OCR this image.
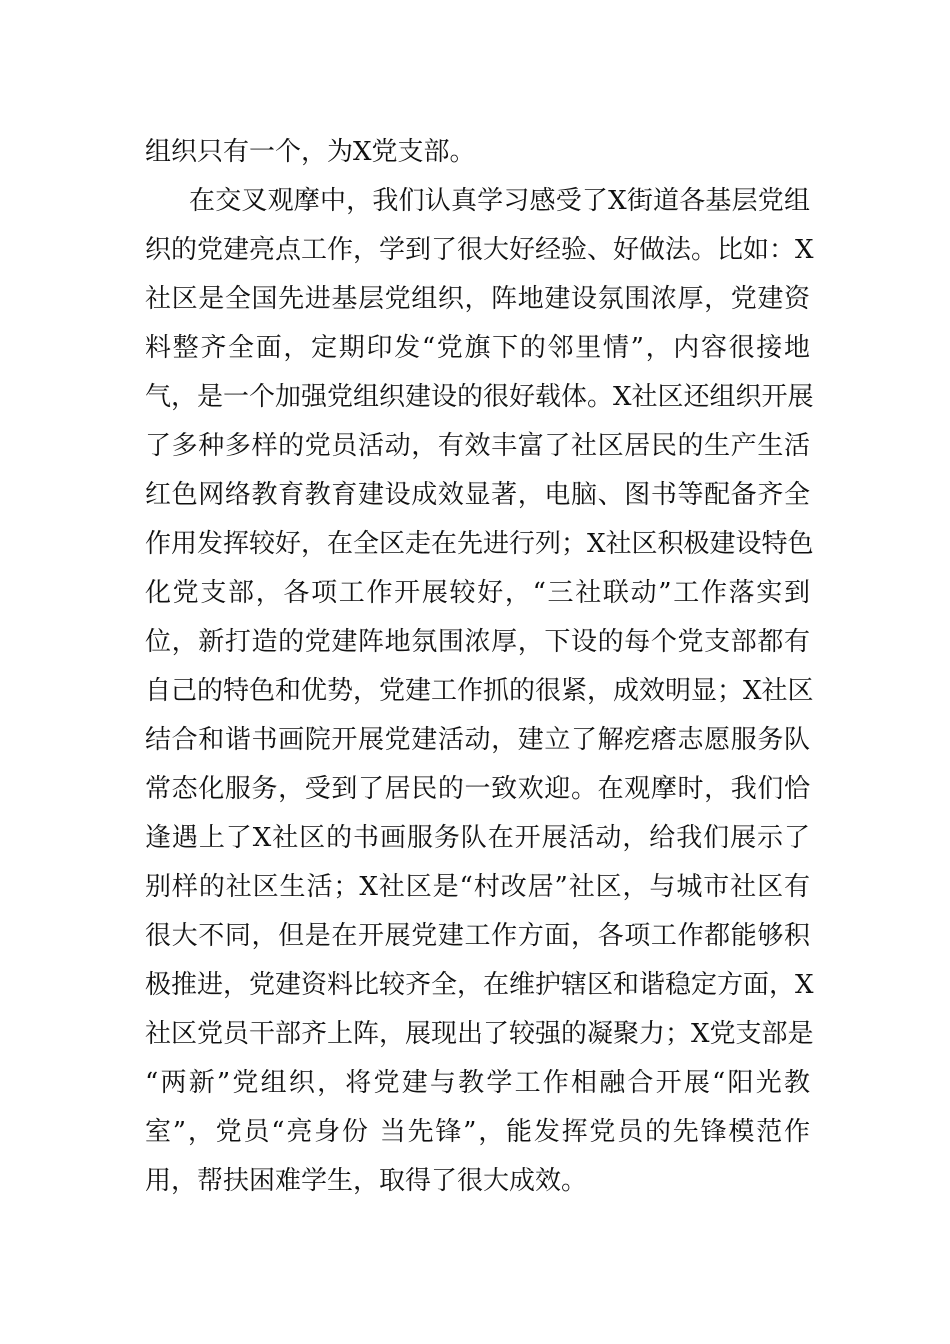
组织只有一个，为X党支部。
在交叉观摩中，我们认真学习感受了X街道各基层党组
织的党建亮点工作，学到了很大好经验、好做法。比如：X
社区是全国先进基层党组织，阵地建设氛围浓厚，党建资
料整齐全面，定期印发“党旗下的邻里情”，内容很接地
气，是一个加强党组织建设的很好载体。X社区还组织开展
了多种多样的党员活动，有效丰富了社区居民的生产生活
红色网络教育教育建设成效显著，电脑、图书等配备齐全
作用发挥较好，在全区走在先进行列；X社区积极建设特色
化党支部，各项工作开展较好，“三社联动”工作落实到
位，新打造的党建阵地氛围浓厚，下设的每个党支部都有
自己的特色和优势，党建工作抓的很紧，成效明显；X社区
结合和谐书画院开展党建活动，建立了解疙瘩志愿服务队
常态化服务，受到了居民的一致欢迎。在观摩时，我们恰
逢遇上了X社区的书画服务队在开展活动，给我们展示了
别样的社区生活；X社区是“村改居”社区，与城市社区有
很大不同，但是在开展党建工作方面，各项工作都能够积
极推进，党建资料比较齐全，在维护辖区和谐稳定方面，X
社区党员干部齐上阵，展现出了较强的凝聚力；X党支部是
“两新”党组织，将党建与教学工作相融合开展“阳光教
室”，党员“亮身份 当先锋”，能发挥党员的先锋模范作
用，帮扶困难学生，取得了很大成效。
